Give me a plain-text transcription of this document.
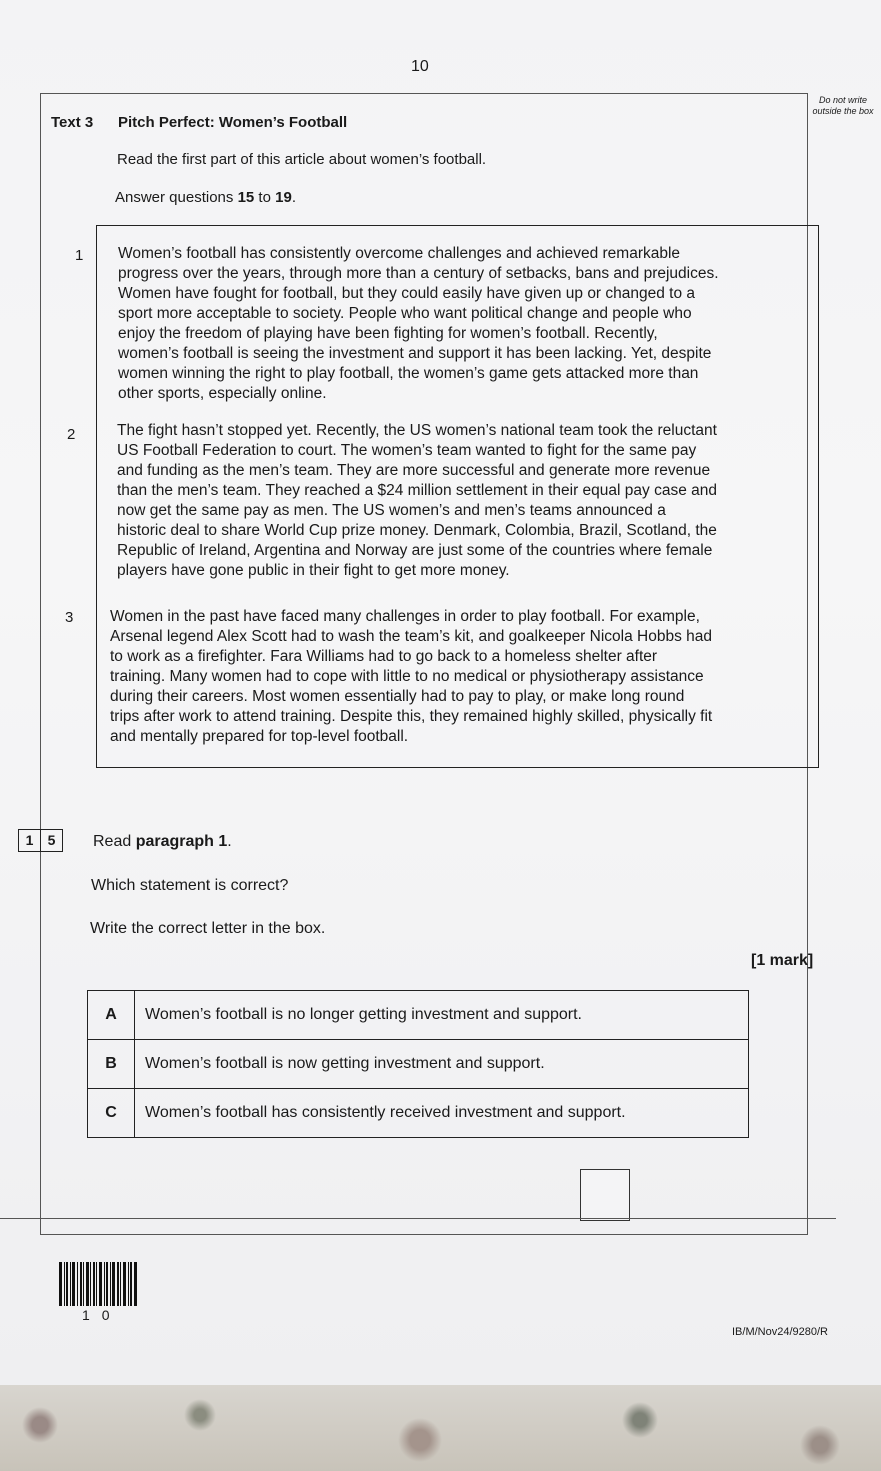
10
Do not write outside the box
Text 3 Pitch Perfect: Women’s Football
Read the first part of this article about women’s football.
Answer questions 15 to 19.
1 Women’s football has consistently overcome challenges and achieved remarkable
progress over the years, through more than a century of setbacks, bans and prejudices.
Women have fought for football, but they could easily have given up or changed to a
sport more acceptable to society. People who want political change and people who
enjoy the freedom of playing have been fighting for women’s football. Recently,
women’s football is seeing the investment and support it has been lacking. Yet, despite
women winning the right to play football, the women’s game gets attacked more than
other sports, especially online.
2	The fight hasn’t stopped yet. Recently, the US women’s national team took the reluctant
US Football Federation to court. The women’s team wanted to fight for the same pay
and funding as the men’s team. They are more successful and generate more revenue
than the men’s team. They reached a $24 million settlement in their equal pay case and
now get the same pay as men. The US women’s and men’s teams announced a
historic deal to share World Cup prize money. Denmark, Colombia, Brazil, Scotland, the
Republic of Ireland, Argentina and Norway are just some of the countries where female
players have gone public in their fight to get more money.
3 Women in the past have faced many challenges in order to play football. For example,
Arsenal legend Alex Scott had to wash the team’s kit, and goalkeeper Nicola Hobbs had
to work as a firefighter. Fara Williams had to go back to a homeless shelter after
training. Many women had to cope with little to no medical or physiotherapy assistance
during their careers. Most women essentially had to pay to play, or make long round
trips after work to attend training. Despite this, they remained highly skilled, physically fit
and mentally prepared for top-level football.
1	5	Read paragraph 1.
Which statement is correct?
Write the correct letter in the box.
[1 mark]
A	Women’s football is no longer getting investment and support.
B	Women’s football is now getting investment and support.
C	Women’s football has consistently received investment and support.
10
IB/M/Nov24/9280/R
